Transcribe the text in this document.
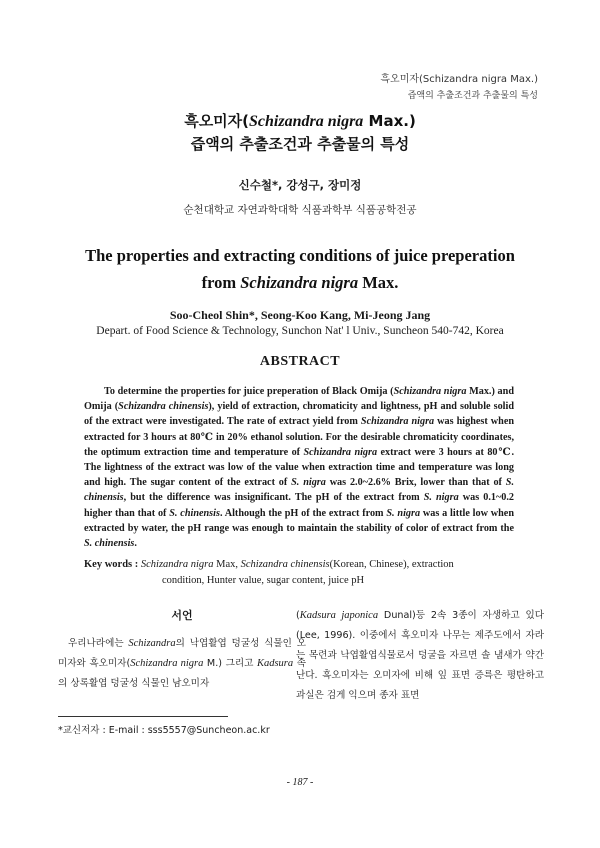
흑오미자(Schizandra nigra Max.)
즙액의 추출조건과 추출물의 특성
흑오미자(Schizandra nigra Max.)
즙액의 추출조건과 추출물의 특성
신수철*, 강성구, 장미정
순천대학교 자연과학대학 식품과학부 식품공학전공
The properties and extracting conditions of juice preperation
from Schizandra nigra Max.
Soo-Cheol Shin*, Seong-Koo Kang, Mi-Jeong Jang
Depart. of Food Science & Technology, Sunchon Nat' l Univ., Suncheon 540-742, Korea
ABSTRACT

To determine the properties for juice preperation of Black Omija (Schizandra nigra Max.) and Omija (Schizandra chinensis), yield of extraction, chromaticity and lightness, pH and soluble solid of the extract were investigated. The rate of extract yield from Schizandra nigra was highest when extracted for 3 hours at 80℃ in 20% ethanol solution. For the desirable chromaticity coordinates, the optimum extraction time and temperature of Schizandra nigra extract were 3 hours at 80℃. The lightness of the extract was low of the value when extraction time and temperature was long and high. The sugar content of the extract of S. nigra was 2.0~2.6% Brix, lower than that of S. chinensis, but the difference was insignificant. The pH of the extract from S. nigra was 0.1~0.2 higher than that of S. chinensis. Although the pH of the extract from S. nigra was a little low when extracted by water, the pH range was enough to maintain the stability of color of extract from the S. chinensis.

Key words : Schizandra nigra Max, Schizandra chinensis(Korean, Chinese), extraction
condition, Hunter value, sugar content, juice pH
서언

우리나라에는 Schizandra의 낙엽활엽 덩굴성 식물인 오미자와 흑오미자(Schizandra nigra M.) 그리고 Kadsura 속의 상록활엽 덩굴성 식물인 남오미자

(Kadsura japonica Dunal)등 2속 3종이 자생하고 있다(Lee, 1996). 이중에서 흑오미자 나무는 제주도에서 자라는 목련과 낙엽활엽식물로서 덩굴을 자르면 솔 냄새가 약간 난다. 흑오미자는 오미자에 비해 잎 표면 증륵은 평탄하고 과실은 검게 익으며 종자 표면

*교신저자 : E-mail : sss5557@Suncheon.ac.kr
- 187 -
